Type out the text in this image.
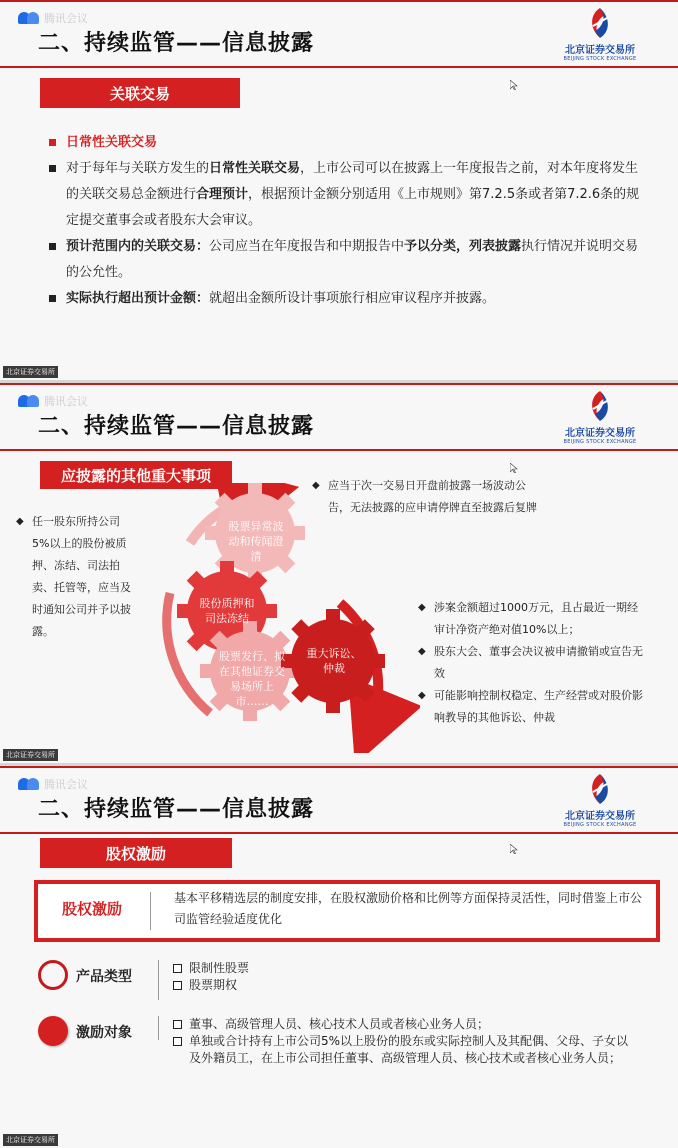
腾讯会议
二、持续监管——信息披露	北京证券交易所
BEIJING STOCK EXCHANGE
关联交易
日常性关联交易
对于每年与关联方发生的日常性关联交易，上市公司可以在披露上一年度报告之前，对本年度将发生的关联交易总金额进行合理预计，根据预计金额分别适用《上市规则》第7.2.5条或者第7.2.6条的规定提交董事会或者股东大会审议。
预计范围内的关联交易：公司应当在年度报告和中期报告中予以分类，列表披露执行情况并说明交易的公允性。
实际执行超出预计金额：就超出金额所设计事项旅行相应审议程序并披露。
北京证券交易所
腾讯会议
二、持续监管——信息披露	北京证券交易所
BEIJING STOCK EXCHANGE
应披露的其他重大事项
股票异常波动和传闻澄清
股份质押和司法冻结
股票发行、拟在其他证券交易场所上市……
重大诉讼、仲裁
◆ 任一股东所持公司5%以上的股份被质押、冻结、司法拍卖、托管等，应当及时通知公司并予以披露。
◆ 应当于次一交易日开盘前披露一场波动公告，无法披露的应申请停牌直至披露后复牌
◆ 涉案金额超过1000万元，且占最近一期经审计净资产绝对值10%以上；
◆ 股东大会、董事会决议被申请撤销或宣告无效
◆ 可能影响控制权稳定、生产经营或对股价影响教导的其他诉讼、仲裁
北京证券交易所
腾讯会议
二、持续监管——信息披露	北京证券交易所
BEIJING STOCK EXCHANGE
股权激励
股权激励
基本平移精选层的制度安排，在股权激励价格和比例等方面保持灵活性，同时借鉴上市公司监管经验适度优化
产品类型
限制性股票
股票期权
激励对象
董事、高级管理人员、核心技术人员或者核心业务人员；
单独或合计持有上市公司5%以上股份的股东或实际控制人及其配偶、父母、子女以及外籍员工，在上市公司担任董事、高级管理人员、核心技术或者核心业务人员；
北京证券交易所
